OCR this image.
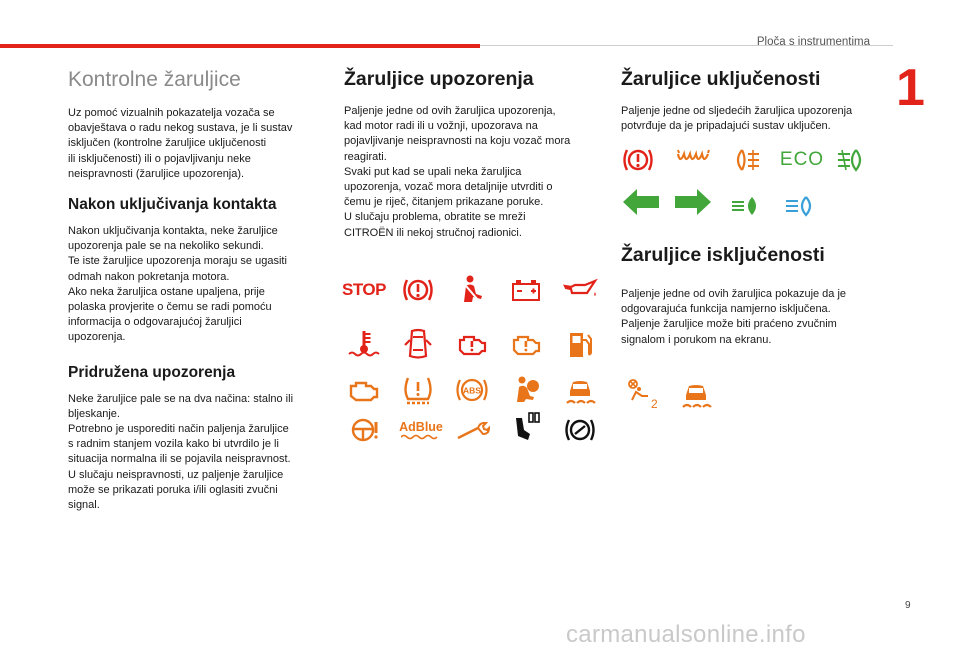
Ploča s instrumentima
1
9
carmanualsonline.info
Kontrolne žaruljice

Uz pomoć vizualnih pokazatelja vozača se
obavještava o radu nekog sustava, je li sustav
isključen (kontrolne žaruljice uključenosti
ili isključenosti) ili o pojavljivanju neke
neispravnosti (žaruljice upozorenja).

Nakon uključivanja kontakta

Nakon uključivanja kontakta, neke žaruljice
upozorenja pale se na nekoliko sekundi.
Te iste žaruljice upozorenja moraju se ugasiti
odmah nakon pokretanja motora.
Ako neka žaruljica ostane upaljena, prije
polaska provjerite o čemu se radi pomoću
informacija o odgovarajućoj žaruljici
upozorenja.

Pridružena upozorenja

Neke žaruljice pale se na dva načina: stalno ili
bljeskanje.
Potrebno je usporediti način paljenja žaruljice
s radnim stanjem vozila kako bi utvrdilo je li
situacija normalna ili se pojavila neispravnost.
U slučaju neispravnosti, uz paljenje žaruljice
može se prikazati poruka i/ili oglasiti zvučni
signal.

Žaruljice upozorenja

Paljenje jedne od ovih žaruljica upozorenja,
kad motor radi ili u vožnji, upozorava na
pojavljivanje neispravnosti na koju vozač mora
reagirati.
Svaki put kad se upali neka žaruljica
upozorenja, vozač mora detaljnije utvrditi o
čemu je riječ, čitanjem prikazane poruke.
U slučaju problema, obratite se mreži
CITROËN ili nekoj stručnoj radionici.

STOP
ABS
AdBlue
Žaruljice uključenosti

Paljenje jedne od sljedećih žaruljica upozorenja
potvrđuje da je pripadajući sustav uključen.

ECO
Žaruljice isključenosti

Paljenje jedne od ovih žaruljica pokazuje da je
odgovarajuća funkcija namjerno isključena.
Paljenje žaruljice može biti praćeno zvučnim
signalom i porukom na ekranu.

2
